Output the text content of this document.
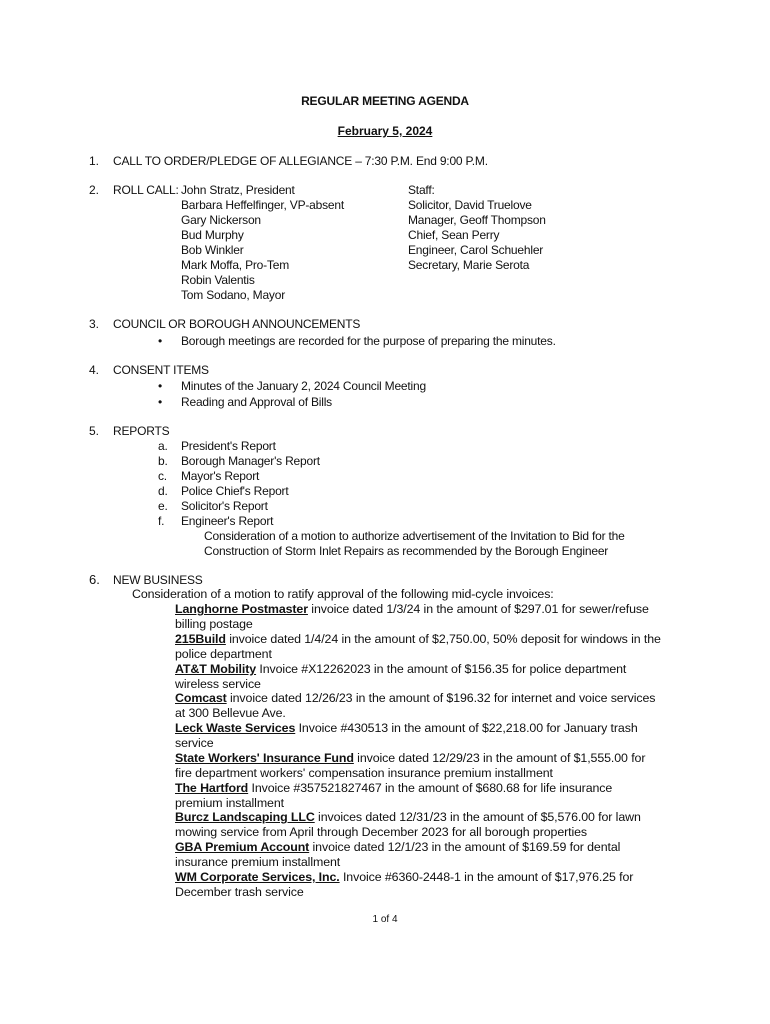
REGULAR MEETING AGENDA
February 5, 2024
1. CALL TO ORDER/PLEDGE OF ALLEGIANCE – 7:30 P.M. End 9:00 P.M.
2. ROLL CALL: John Stratz, President
Barbara Heffelfinger, VP-absent
Gary Nickerson
Bud Murphy
Bob Winkler
Mark Moffa, Pro-Tem
Robin Valentis
Tom Sodano, Mayor
Staff:
Solicitor, David Truelove
Manager, Geoff Thompson
Chief, Sean Perry
Engineer, Carol Schuehler
Secretary, Marie Serota
3. COUNCIL OR BOROUGH ANNOUNCEMENTS
• Borough meetings are recorded for the purpose of preparing the minutes.
4. CONSENT ITEMS
• Minutes of the January 2, 2024 Council Meeting
• Reading and Approval of Bills
5. REPORTS
a. President's Report
b. Borough Manager's Report
c. Mayor's Report
d. Police Chief's Report
e. Solicitor's Report
f. Engineer's Report
Consideration of a motion to authorize advertisement of the Invitation to Bid for the
Construction of Storm Inlet Repairs as recommended by the Borough Engineer
6. NEW BUSINESS
Consideration of a motion to ratify approval of the following mid-cycle invoices:
Langhorne Postmaster invoice dated 1/3/24 in the amount of $297.01 for sewer/refuse
billing postage
215Build invoice dated 1/4/24 in the amount of $2,750.00, 50% deposit for windows in the
police department
AT&T Mobility Invoice #X12262023 in the amount of $156.35 for police department
wireless service
Comcast invoice dated 12/26/23 in the amount of $196.32 for internet and voice services
at 300 Bellevue Ave.
Leck Waste Services Invoice #430513 in the amount of $22,218.00 for January trash
service
State Workers' Insurance Fund invoice dated 12/29/23 in the amount of $1,555.00 for
fire department workers' compensation insurance premium installment
The Hartford Invoice #357521827467 in the amount of $680.68 for life insurance
premium installment
Burcz Landscaping LLC invoices dated 12/31/23 in the amount of $5,576.00 for lawn
mowing service from April through December 2023 for all borough properties
GBA Premium Account invoice dated 12/1/23 in the amount of $169.59 for dental
insurance premium installment
WM Corporate Services, Inc. Invoice #6360-2448-1 in the amount of $17,976.25 for
December trash service
1 of 4
